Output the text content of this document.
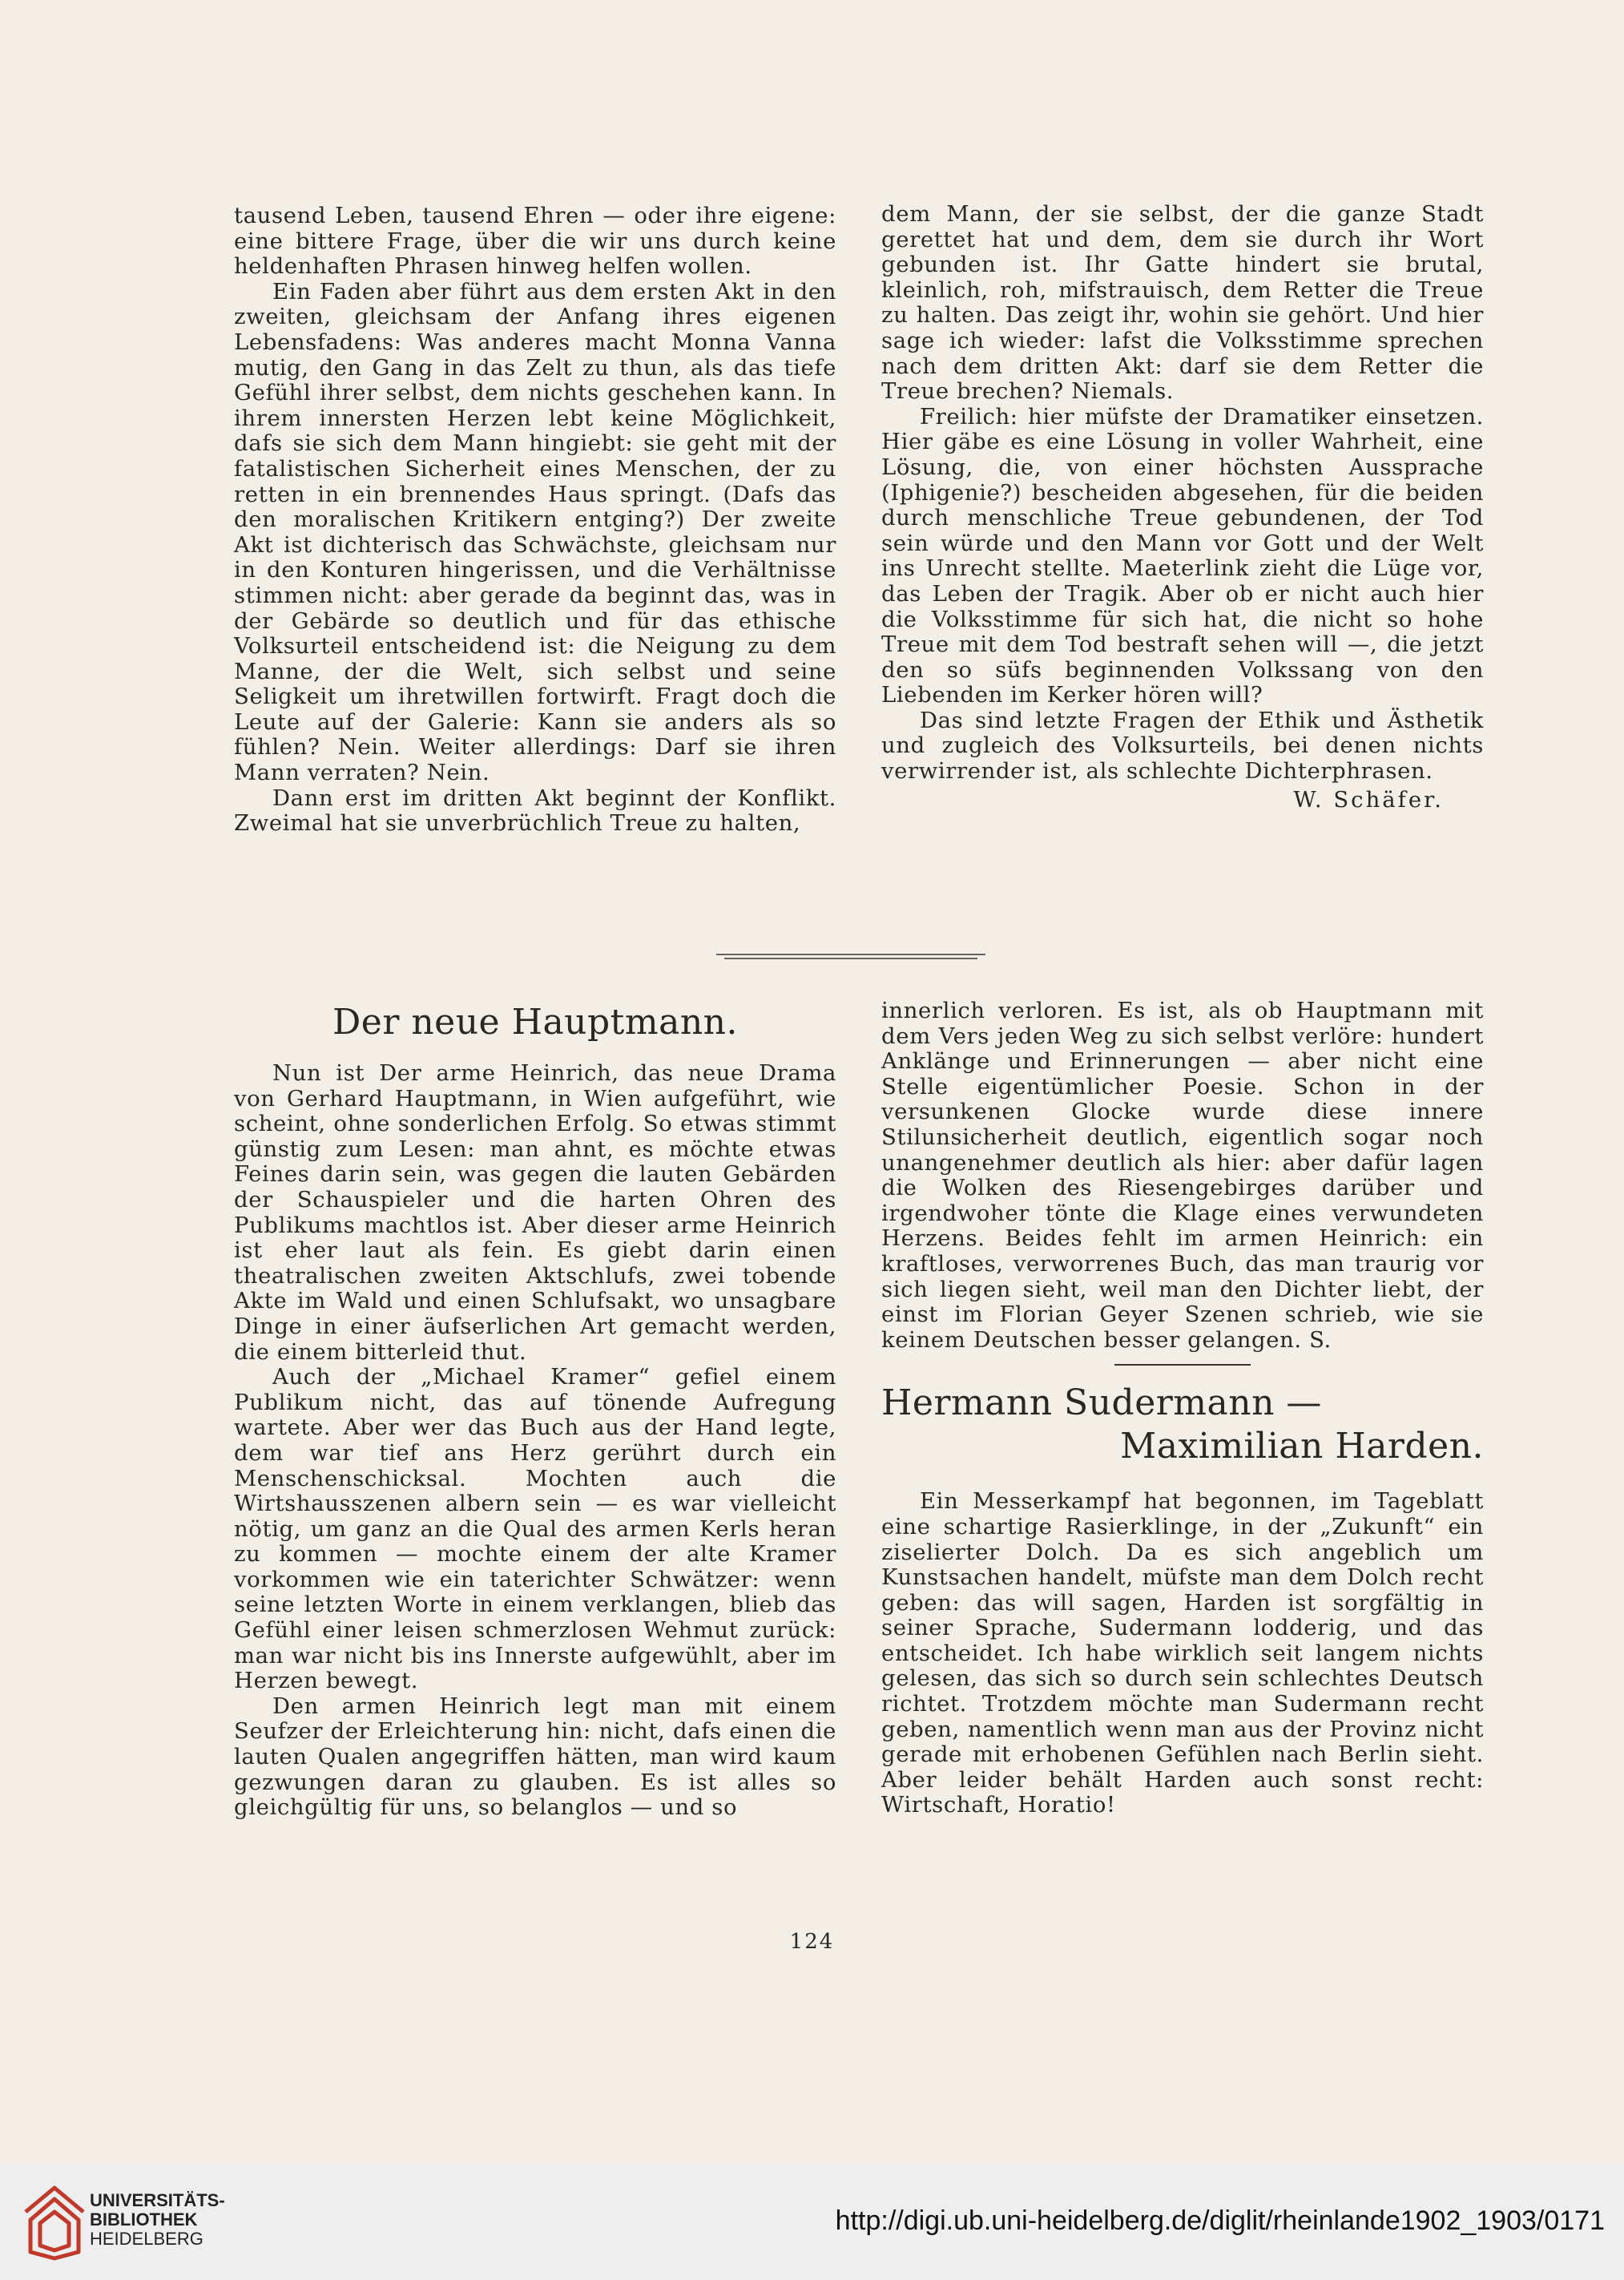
tausend Leben, tausend Ehren — oder ihre eigene: eine bittere Frage, über die wir uns durch keine heldenhaften Phrasen hinweg helfen wollen.

Ein Faden aber führt aus dem ersten Akt in den zweiten, gleichsam der Anfang ihres eigenen Lebensfadens: Was anderes macht Monna Vanna mutig, den Gang in das Zelt zu thun, als das tiefe Gefühl ihrer selbst, dem nichts geschehen kann. In ihrem innersten Herzen lebt keine Möglichkeit, dafs sie sich dem Mann hingiebt: sie geht mit der fatalistischen Sicherheit eines Menschen, der zu retten in ein brennendes Haus springt. (Dafs das den moralischen Kritikern entging?) Der zweite Akt ist dichterisch das Schwächste, gleichsam nur in den Konturen hingerissen, und die Verhältnisse stimmen nicht: aber gerade da beginnt das, was in der Gebärde so deutlich und für das ethische Volksurteil entscheidend ist: die Neigung zu dem Manne, der die Welt, sich selbst und seine Seligkeit um ihretwillen fortwirft. Fragt doch die Leute auf der Galerie: Kann sie anders als so fühlen? Nein. Weiter allerdings: Darf sie ihren Mann verraten? Nein.

Dann erst im dritten Akt beginnt der Konflikt. Zweimal hat sie unverbrüchlich Treue zu halten,

dem Mann, der sie selbst, der die ganze Stadt gerettet hat und dem, dem sie durch ihr Wort gebunden ist. Ihr Gatte hindert sie brutal, kleinlich, roh, mifstrauisch, dem Retter die Treue zu halten. Das zeigt ihr, wohin sie gehört. Und hier sage ich wieder: lafst die Volksstimme sprechen nach dem dritten Akt: darf sie dem Retter die Treue brechen? Niemals.

Freilich: hier müfste der Dramatiker einsetzen. Hier gäbe es eine Lösung in voller Wahrheit, eine Lösung, die, von einer höchsten Aussprache (Iphigenie?) bescheiden abgesehen, für die beiden durch menschliche Treue gebundenen, der Tod sein würde und den Mann vor Gott und der Welt ins Unrecht stellte. Maeterlink zieht die Lüge vor, das Leben der Tragik. Aber ob er nicht auch hier die Volksstimme für sich hat, die nicht so hohe Treue mit dem Tod bestraft sehen will —, die jetzt den so süfs beginnenden Volkssang von den Liebenden im Kerker hören will?

Das sind letzte Fragen der Ethik und Ästhetik und zugleich des Volksurteils, bei denen nichts verwirrender ist, als schlechte Dichterphrasen.

W. Schäfer.
Der neue Hauptmann.

Nun ist Der arme Heinrich, das neue Drama von Gerhard Hauptmann, in Wien aufgeführt, wie scheint, ohne sonderlichen Erfolg. So etwas stimmt günstig zum Lesen: man ahnt, es möchte etwas Feines darin sein, was gegen die lauten Gebärden der Schauspieler und die harten Ohren des Publikums machtlos ist. Aber dieser arme Heinrich ist eher laut als fein. Es giebt darin einen theatralischen zweiten Aktschlufs, zwei tobende Akte im Wald und einen Schlufsakt, wo unsagbare Dinge in einer äufserlichen Art gemacht werden, die einem bitterleid thut.

Auch der „Michael Kramer“ gefiel einem Publikum nicht, das auf tönende Aufregung wartete. Aber wer das Buch aus der Hand legte, dem war tief ans Herz gerührt durch ein Menschenschicksal. Mochten auch die Wirtshausszenen albern sein — es war vielleicht nötig, um ganz an die Qual des armen Kerls heran zu kommen — mochte einem der alte Kramer vorkommen wie ein taterichter Schwätzer: wenn seine letzten Worte in einem verklangen, blieb das Gefühl einer leisen schmerzlosen Wehmut zurück: man war nicht bis ins Innerste aufgewühlt, aber im Herzen bewegt.

Den armen Heinrich legt man mit einem Seufzer der Erleichterung hin: nicht, dafs einen die lauten Qualen angegriffen hätten, man wird kaum gezwungen daran zu glauben. Es ist alles so gleichgültig für uns, so belanglos — und so

innerlich verloren. Es ist, als ob Hauptmann mit dem Vers jeden Weg zu sich selbst verlöre: hundert Anklänge und Erinnerungen — aber nicht eine Stelle eigentümlicher Poesie. Schon in der versunkenen Glocke wurde diese innere Stilunsicherheit deutlich, eigentlich sogar noch unangenehmer deutlich als hier: aber dafür lagen die Wolken des Riesengebirges darüber und irgendwoher tönte die Klage eines verwundeten Herzens. Beides fehlt im armen Heinrich: ein kraftloses, verworrenes Buch, das man traurig vor sich liegen sieht, weil man den Dichter liebt, der einst im Florian Geyer Szenen schrieb, wie sie keinem Deutschen besser gelangen. S.

Hermann Sudermann —
Maximilian Harden.

Ein Messerkampf hat begonnen, im Tageblatt eine schartige Rasierklinge, in der „Zukunft“ ein ziselierter Dolch. Da es sich angeblich um Kunstsachen handelt, müfste man dem Dolch recht geben: das will sagen, Harden ist sorgfältig in seiner Sprache, Sudermann lodderig, und das entscheidet. Ich habe wirklich seit langem nichts gelesen, das sich so durch sein schlechtes Deutsch richtet. Trotzdem möchte man Sudermann recht geben, namentlich wenn man aus der Provinz nicht gerade mit erhobenen Gefühlen nach Berlin sieht. Aber leider behält Harden auch sonst recht: Wirtschaft, Horatio!

124
UNIVERSITÄTS-
BIBLIOTHEK
HEIDELBERG
http://digi.ub.uni-heidelberg.de/diglit/rheinlande1902_1903/0171
